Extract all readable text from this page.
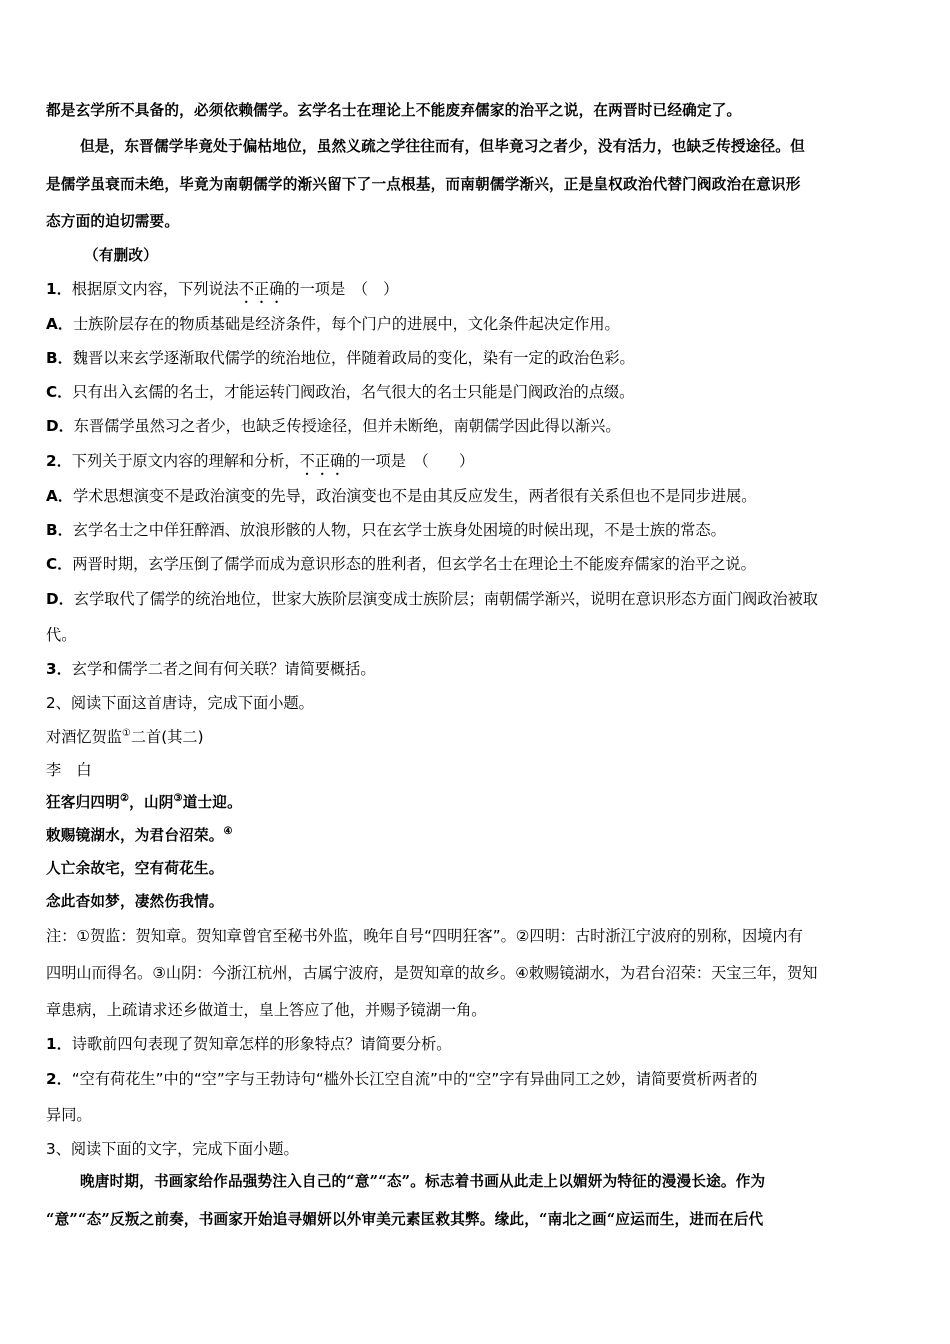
都是玄学所不具备的，必须依赖儒学。玄学名士在理论上不能废弃儒家的治平之说，在两晋时已经确定了。
但是，东晋儒学毕竟处于偏枯地位，虽然义疏之学往往而有，但毕竟习之者少，没有活力，也缺乏传授途径。但
是儒学虽衰而未绝，毕竟为南朝儒学的渐兴留下了一点根基，而南朝儒学渐兴，正是皇权政治代替门阀政治在意识形
态方面的迫切需要。
（有删改）
1．根据原文内容，下列说法不正确的一项是　（　）
A．士族阶层存在的物质基础是经济条件，每个门户的进展中，文化条件起决定作用。
B．魏晋以来玄学逐渐取代儒学的统治地位，伴随着政局的变化，染有一定的政治色彩。
C．只有出入玄儒的名士，才能运转门阀政治，名气很大的名士只能是门阀政治的点缀。
D．东晋儒学虽然习之者少，也缺乏传授途径，但并未断绝，南朝儒学因此得以渐兴。
2．下列关于原文内容的理解和分析，不正确的一项是　（　　）
A．学术思想演变不是政治演变的先导，政治演变也不是由其反应发生，两者很有关系但也不是同步进展。
B．玄学名士之中佯狂醉酒、放浪形骸的人物，只在玄学士族身处困境的时候出现，不是士族的常态。
C．两晋时期，玄学压倒了儒学而成为意识形态的胜利者，但玄学名士在理论土不能废弃儒家的治平之说。
D．玄学取代了儒学的统治地位，世家大族阶层演变成士族阶层；南朝儒学渐兴，说明在意识形态方面门阀政治被取
代。
3．玄学和儒学二者之间有何关联？请简要概括。
2、阅读下面这首唐诗，完成下面小题。
对酒忆贺监①二首(其二)
李　白
狂客归四明②，山阴③道士迎。
敕赐镜湖水，为君台沼荣。④
人亡余故宅，空有荷花生。
念此杳如梦，凄然伤我情。
注：①贺监：贺知章。贺知章曾官至秘书外监，晚年自号“四明狂客”。②四明：古时浙江宁波府的别称，因境内有
四明山而得名。③山阴：今浙江杭州，古属宁波府，是贺知章的故乡。④敕赐镜湖水，为君台沼荣：天宝三年，贺知
章患病，上疏请求还乡做道士，皇上答应了他，并赐予镜湖一角。
1．诗歌前四句表现了贺知章怎样的形象特点？请简要分析。
2．“空有荷花生”中的“空”字与王勃诗句“槛外长江空自流”中的“空”字有异曲同工之妙，请简要赏析两者的
异同。
3、阅读下面的文字，完成下面小题。
晚唐时期，书画家给作品强势注入自己的“意”“态”。标志着书画从此走上以媚妍为特征的漫漫长途。作为
“意”“态”反叛之前奏，书画家开始追寻媚妍以外审美元素匡救其弊。缘此，“南北之画“应运而生，进而在后代
